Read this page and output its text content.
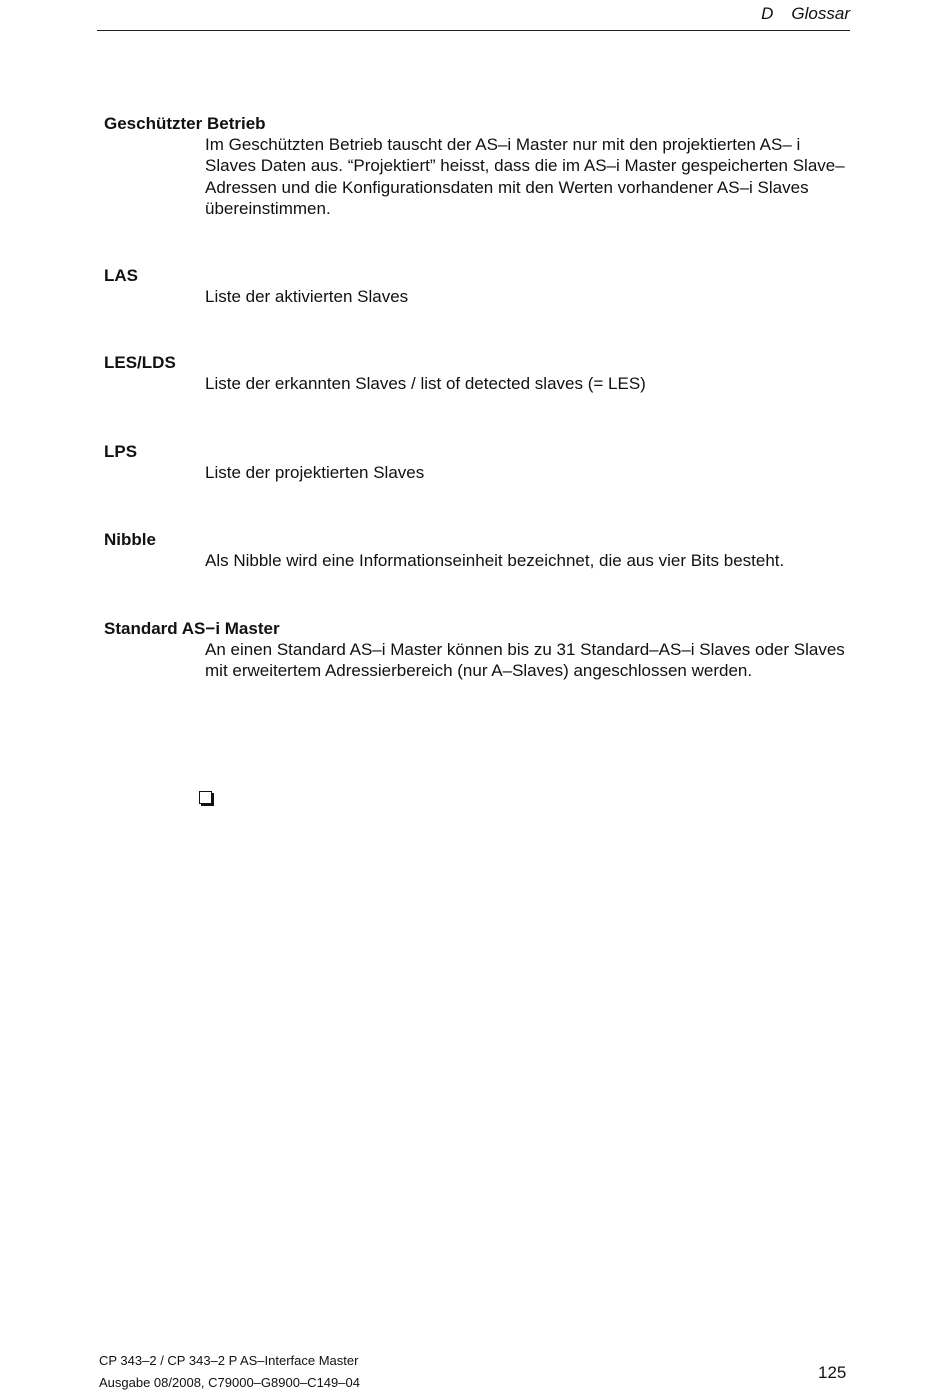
D Glossar
Geschützter Betrieb
Im Geschützten Betrieb tauscht der AS–i Master nur mit den projektierten AS– i Slaves Daten aus. “Projektiert” heisst, dass die im AS–i Master gespeicherten Slave–Adressen und die Konfigurationsdaten mit den Werten vorhandener AS–i Slaves übereinstimmen.
LAS
Liste der aktivierten Slaves
LES/LDS
Liste der erkannten Slaves / list of detected slaves (= LES)
LPS
Liste der projektierten Slaves
Nibble
Als Nibble wird eine Informationseinheit bezeichnet, die aus vier Bits besteht.
Standard AS−i Master
An einen Standard AS–i Master können bis zu 31 Standard–AS–i Slaves oder Slaves mit erweitertem Adressierbereich (nur A–Slaves) angeschlossen werden.
CP 343–2 / CP 343–2 P AS–Interface Master
Ausgabe 08/2008, C79000–G8900–C149–04
125
